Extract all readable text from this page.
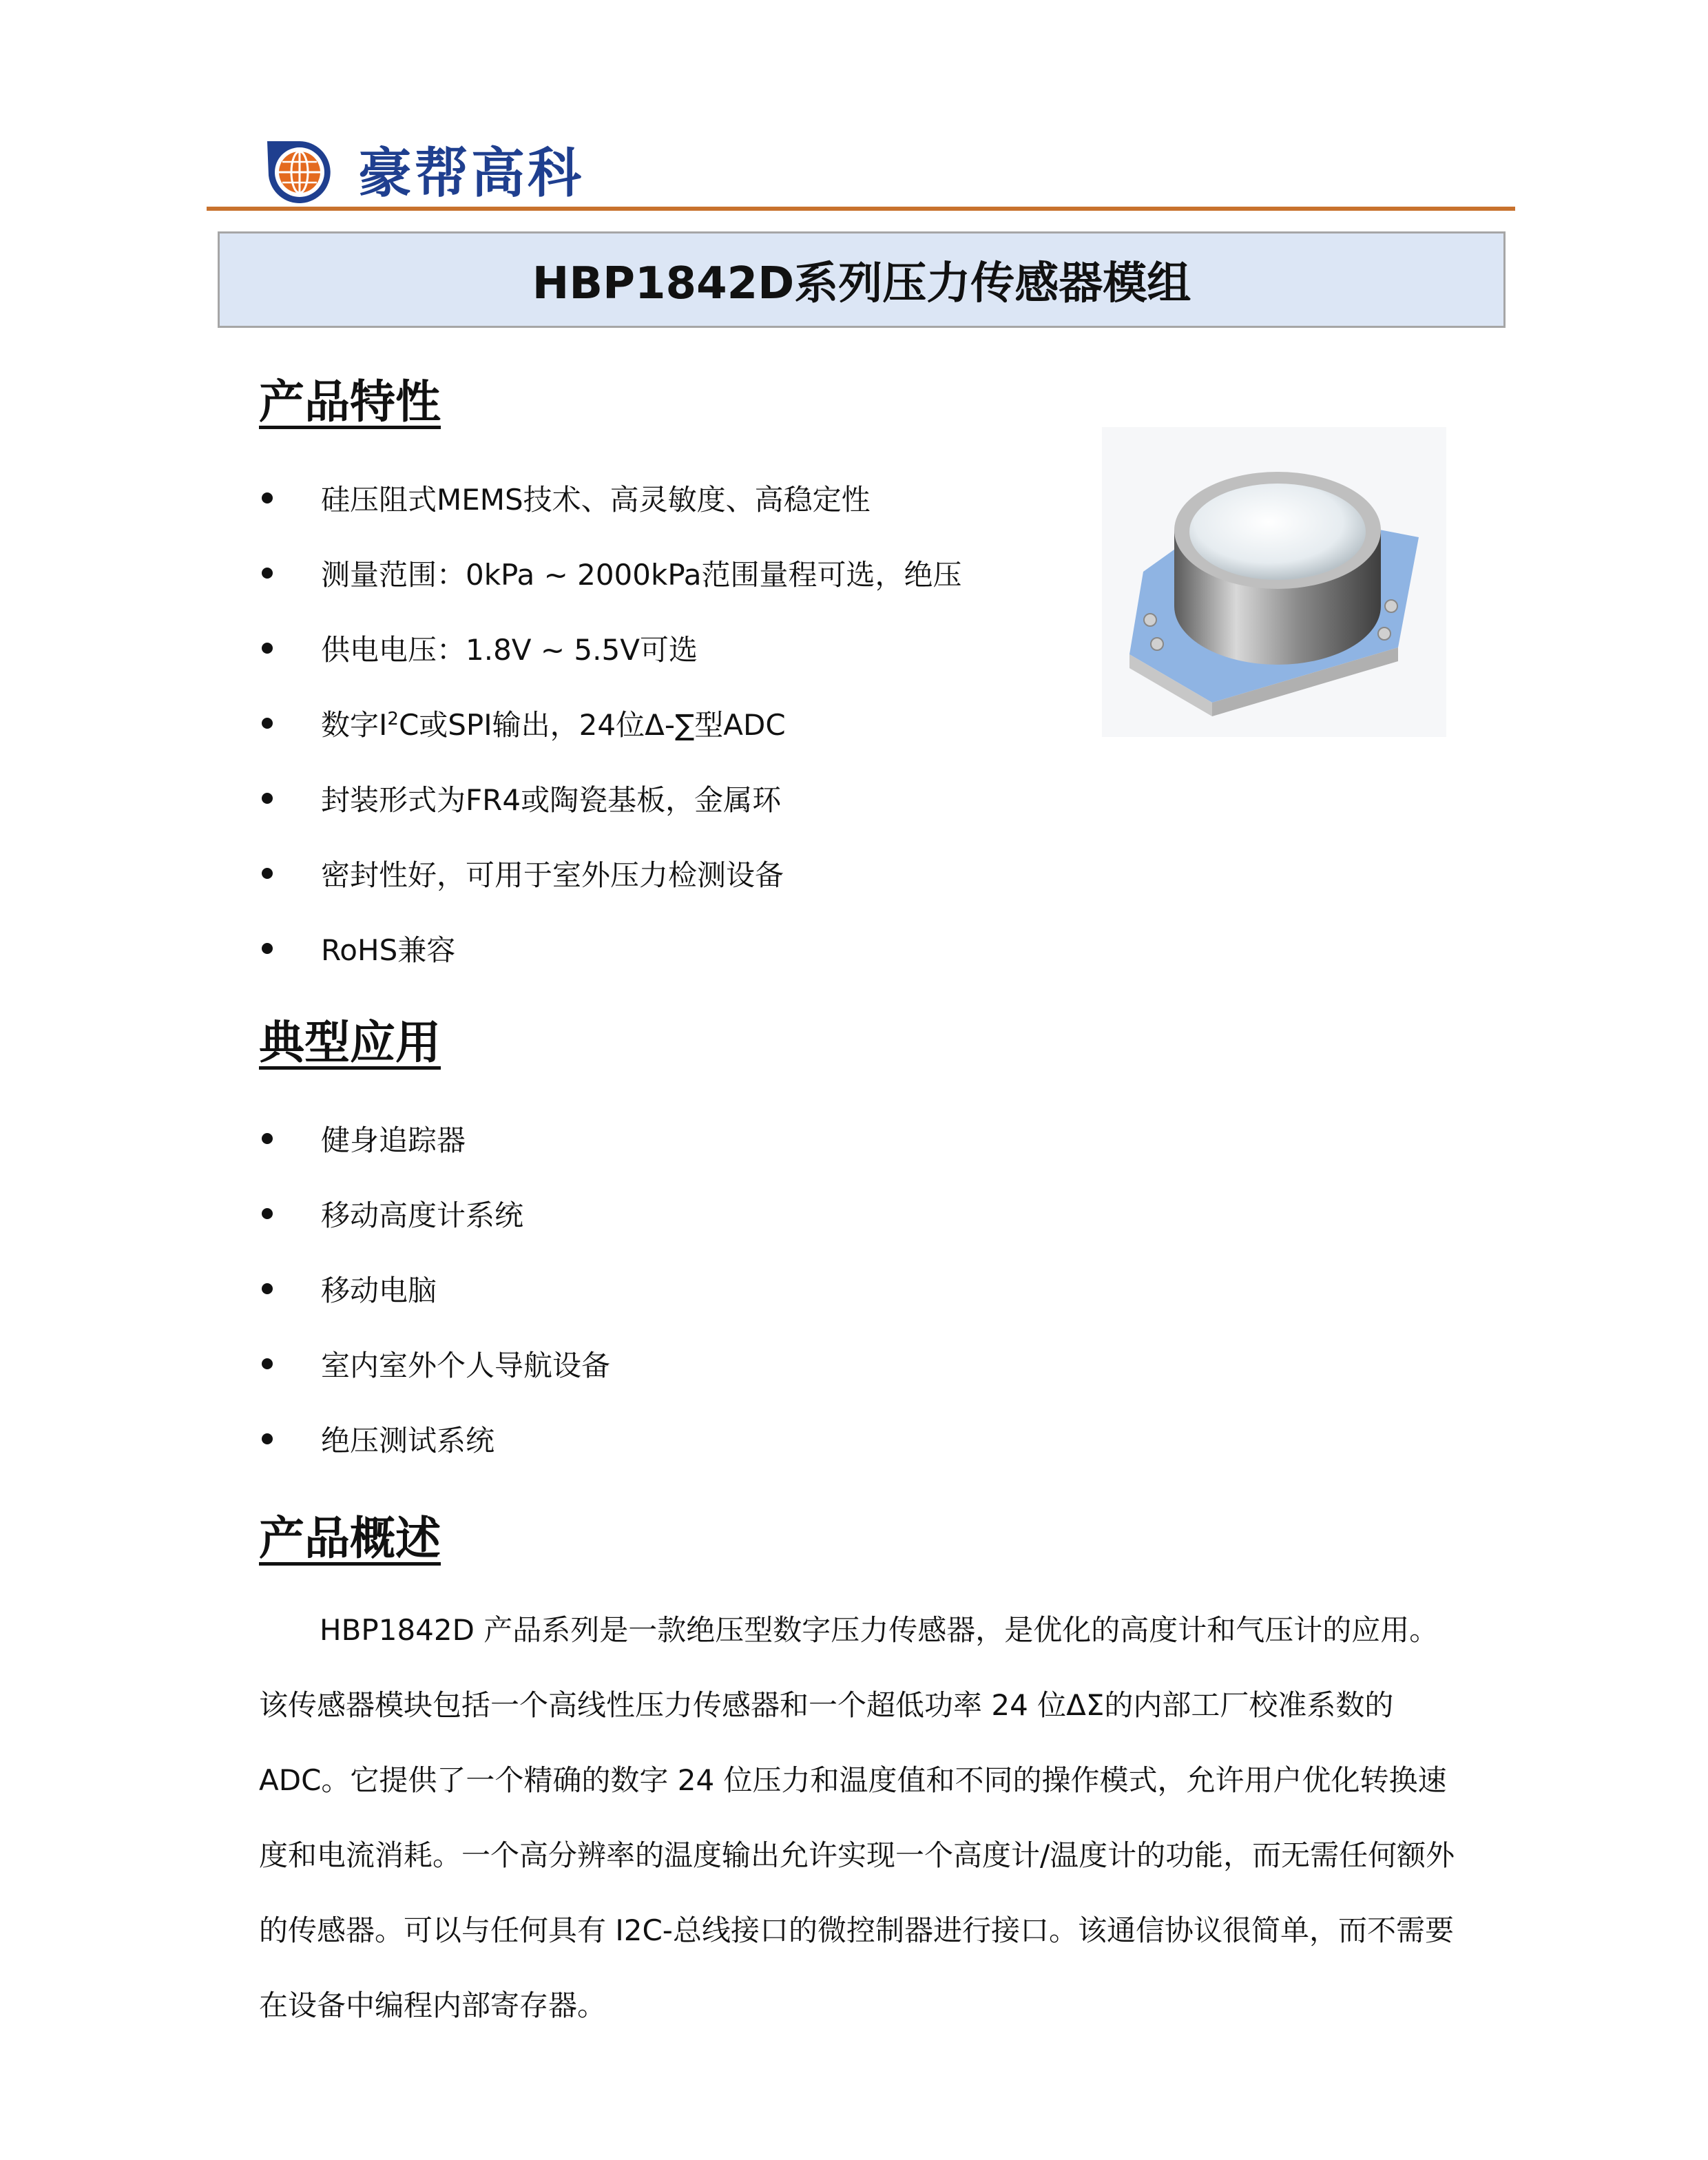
豪帮高科
HBP1842D系列压力传感器模组
产品特性
硅压阻式MEMS技术、高灵敏度、高稳定性
测量范围：0kPa ~ 2000kPa范围量程可选，绝压
供电电压：1.8V ~ 5.5V可选
数字$I^2C$或SPI输出，24位Δ-∑型ADC
封装形式为FR4或陶瓷基板，金属环
密封性好，可用于室外压力检测设备
RoHS兼容
典型应用
健身追踪器
移动高度计系统
移动电脑
室内室外个人导航设备
绝压测试系统
产品概述

HBP1842D 产品系列是一款绝压型数字压力传感器，是优化的高度计和气压计的应用。该传感器模块包括一个高线性压力传感器和一个超低功率 24 位ΔΣ的内部工厂校准系数的ADC。它提供了一个精确的数字 24 位压力和温度值和不同的操作模式，允许用户优化转换速度和电流消耗。一个高分辨率的温度输出允许实现一个高度计/温度计的功能，而无需任何额外的传感器。可以与任何具有 I2C-总线接口的微控制器进行接口。该通信协议很简单，而不需要在设备中编程内部寄存器。
